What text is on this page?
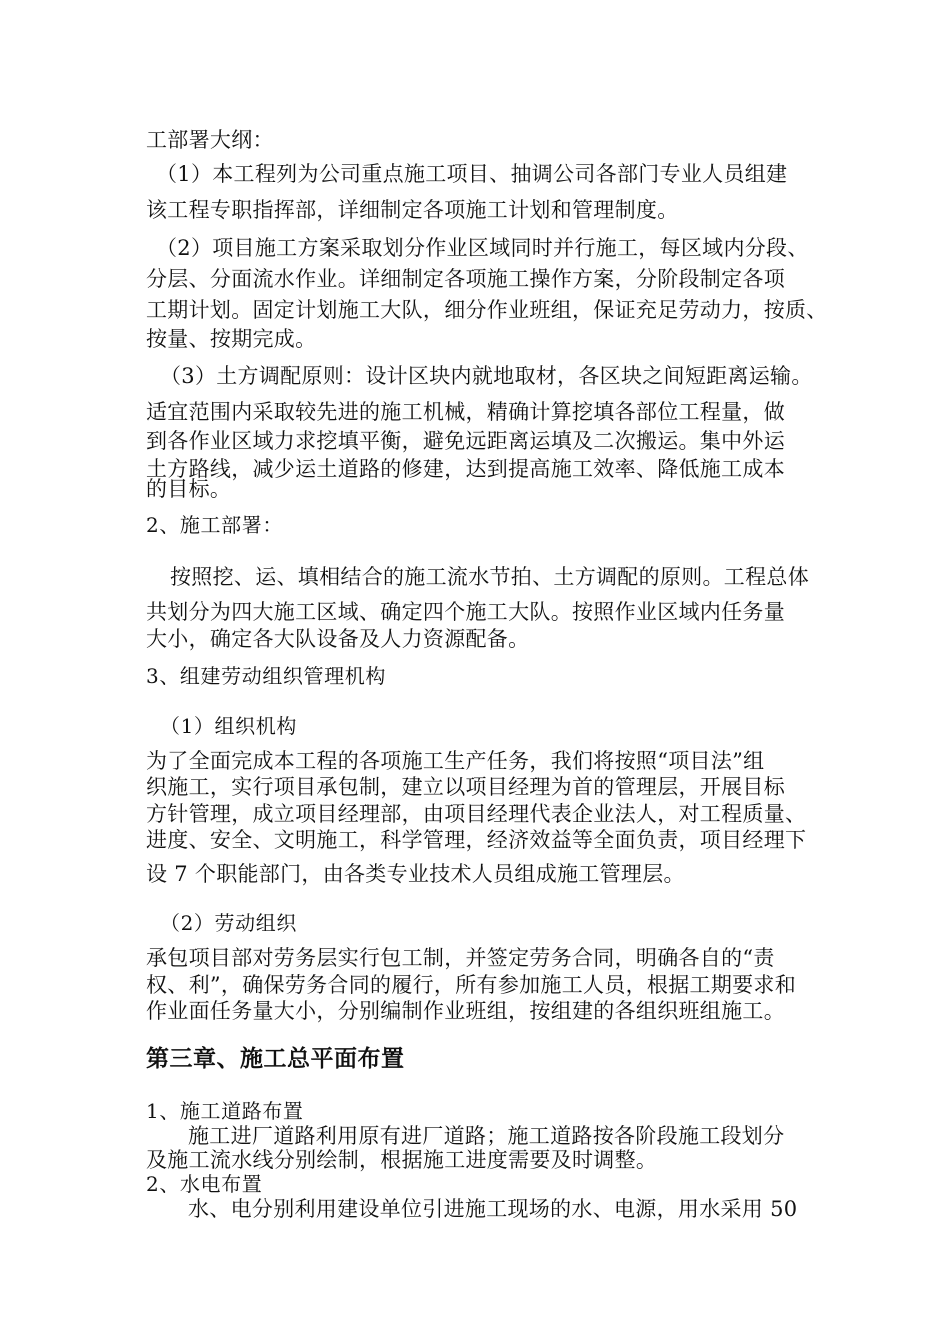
工部署大纲：
（1）本工程列为公司重点施工项目、抽调公司各部门专业人员组建
该工程专职指挥部，详细制定各项施工计划和管理制度。
（2）项目施工方案采取划分作业区域同时并行施工，每区域内分段、
分层、分面流水作业。详细制定各项施工操作方案，分阶段制定各项
工期计划。固定计划施工大队，细分作业班组，保证充足劳动力，按质、
按量、按期完成。
（3）土方调配原则：设计区块内就地取材，各区块之间短距离运输。
适宜范围内采取较先进的施工机械，精确计算挖填各部位工程量，做
到各作业区域力求挖填平衡，避免远距离运填及二次搬运。集中外运
土方路线，减少运土道路的修建，达到提高施工效率、降低施工成本
的目标。
2、施工部署：
按照挖、运、填相结合的施工流水节拍、土方调配的原则。工程总体
共划分为四大施工区域、确定四个施工大队。按照作业区域内任务量
大小，确定各大队设备及人力资源配备。
3、组建劳动组织管理机构
（1）组织机构
为了全面完成本工程的各项施工生产任务，我们将按照“项目法”组
织施工，实行项目承包制，建立以项目经理为首的管理层，开展目标
方针管理，成立项目经理部，由项目经理代表企业法人，对工程质量、
进度、安全、文明施工，科学管理，经济效益等全面负责，项目经理下
设 7 个职能部门，由各类专业技术人员组成施工管理层。
（2）劳动组织
承包项目部对劳务层实行包工制，并签定劳务合同，明确各自的“责
权、利”，确保劳务合同的履行，所有参加施工人员，根据工期要求和
作业面任务量大小，分别编制作业班组，按组建的各组织班组施工。
第三章、施工总平面布置
1、施工道路布置
施工进厂道路利用原有进厂道路；施工道路按各阶段施工段划分
及施工流水线分别绘制，根据施工进度需要及时调整。
2、水电布置
水、电分别利用建设单位引进施工现场的水、电源，用水采用 50
